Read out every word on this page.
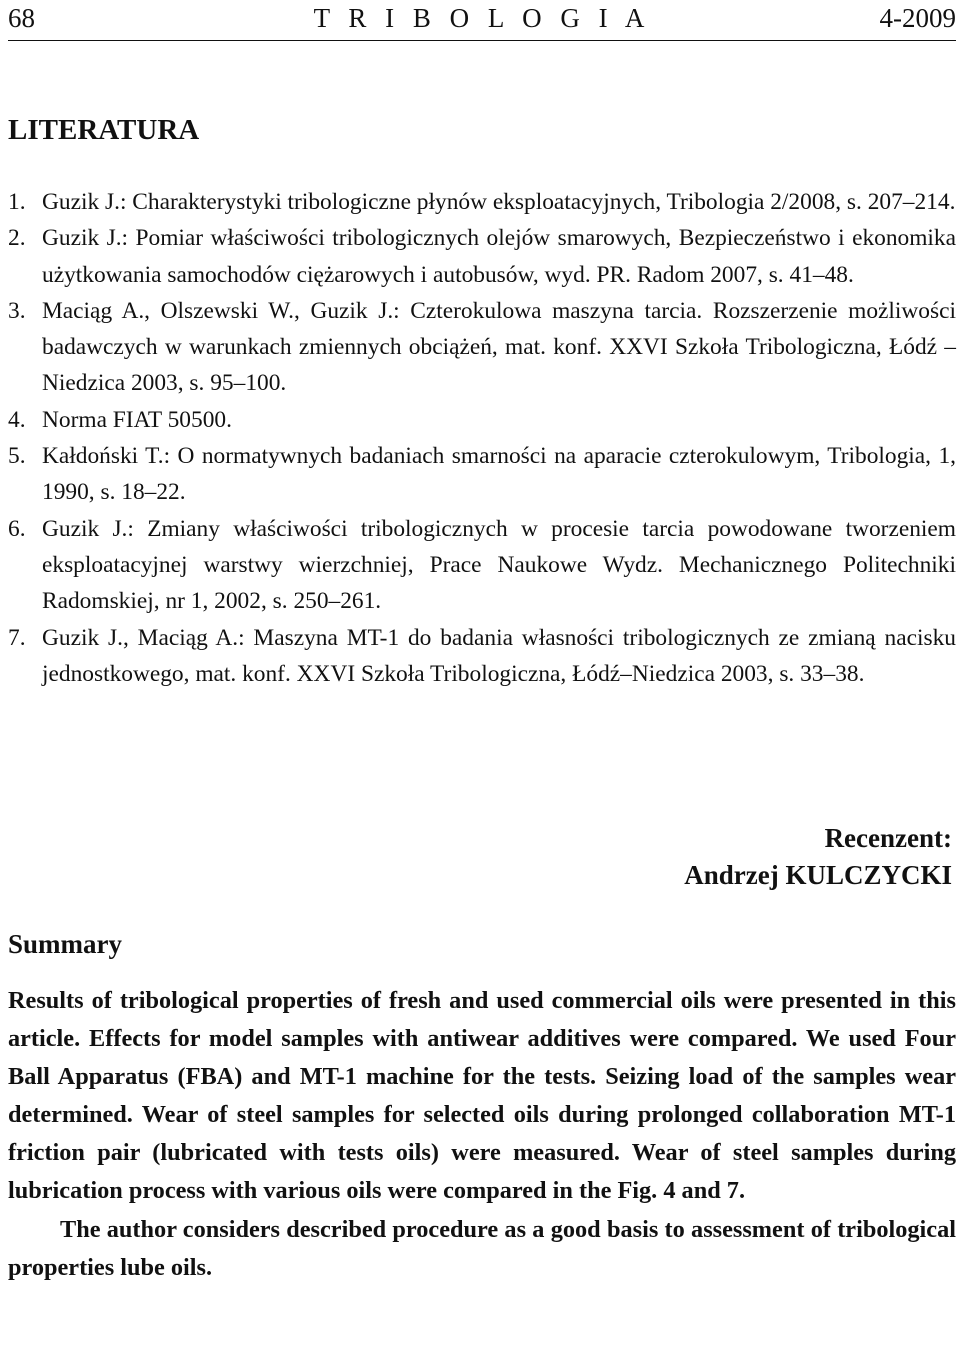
68	T R I B O L O G I A	4-2009
LITERATURA
1. Guzik J.: Charakterystyki tribologiczne płynów eksploatacyjnych, Tribologia 2/2008, s. 207–214.
2. Guzik J.: Pomiar właściwości tribologicznych olejów smarowych, Bezpieczeństwo i ekonomika użytkowania samochodów ciężarowych i autobusów, wyd. PR. Radom 2007, s. 41–48.
3. Maciąg A., Olszewski W., Guzik J.: Czterokulowa maszyna tarcia. Rozszerzenie możliwości badawczych w warunkach zmiennych obciążeń, mat. konf. XXVI Szkoła Tribologiczna, Łódź – Niedzica 2003, s. 95–100.
4. Norma FIAT 50500.
5. Kałdoński T.: O normatywnych badaniach smarności na aparacie czterokulowym, Tribologia, 1, 1990, s. 18–22.
6. Guzik J.: Zmiany właściwości tribologicznych w procesie tarcia powodowane tworzeniem eksploatacyjnej warstwy wierzchniej, Prace Naukowe Wydz. Mechanicznego Politechniki Radomskiej, nr 1, 2002, s. 250–261.
7. Guzik J., Maciąg A.: Maszyna MT-1 do badania własności tribologicznych ze zmianą nacisku jednostkowego, mat. konf. XXVI Szkoła Tribologiczna, Łódź–Niedzica 2003, s. 33–38.
Recenzent:
Andrzej KULCZYCKI
Summary

Results of tribological properties of fresh and used commercial oils were presented in this article. Effects for model samples with antiwear additives were compared. We used Four Ball Apparatus (FBA) and MT-1 machine for the tests. Seizing load of the samples wear determined. Wear of steel samples for selected oils during prolonged collaboration MT-1 friction pair (lubricated with tests oils) were measured. Wear of steel samples during lubrication process with various oils were compared in the Fig. 4 and 7.

The author considers described procedure as a good basis to assessment of tribological properties lube oils.
